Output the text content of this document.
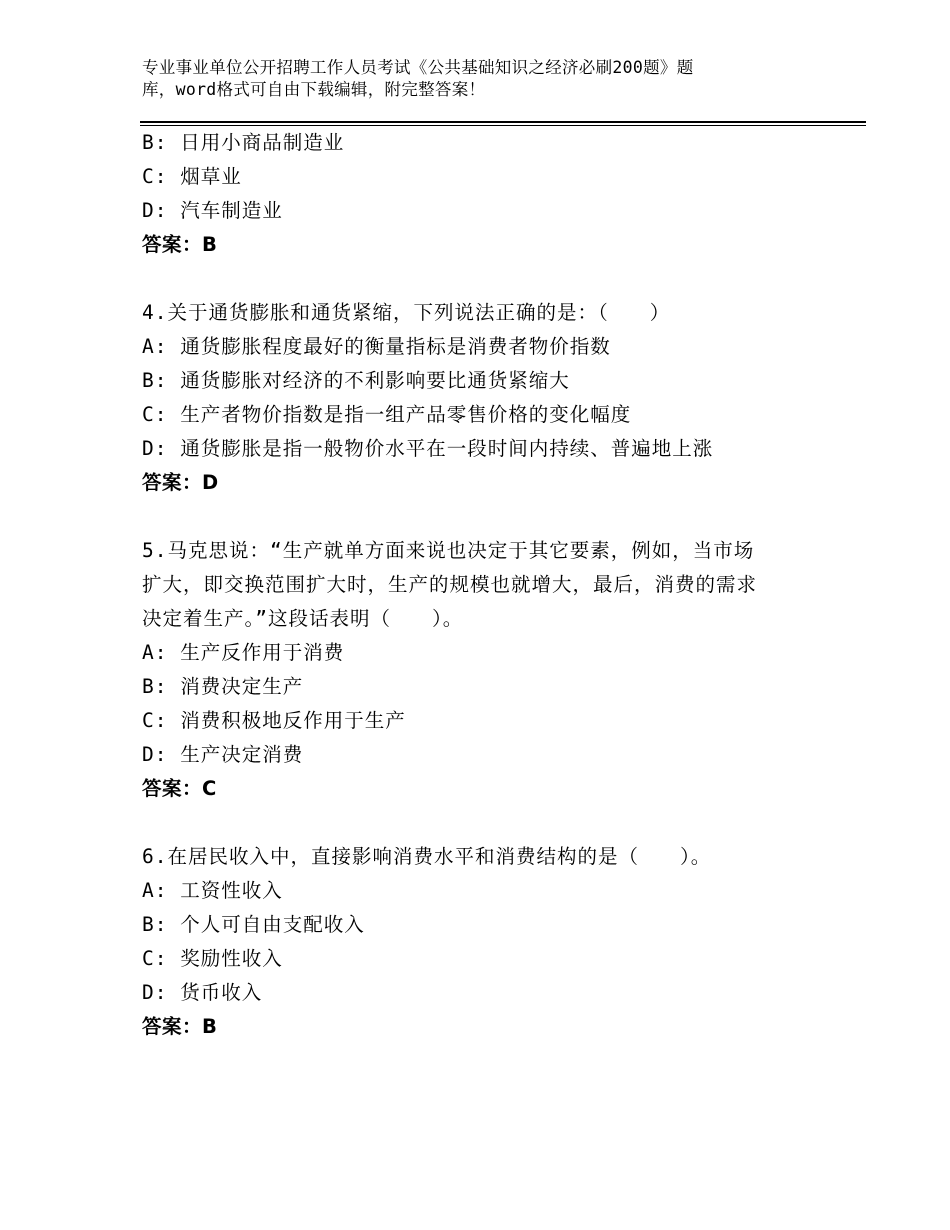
专业事业单位公开招聘工作人员考试《公共基础知识之经济必刷200题》题
库，word格式可自由下载编辑，附完整答案！
B: 日用小商品制造业
C: 烟草业
D: 汽车制造业
答案：B
4.关于通货膨胀和通货紧缩，下列说法正确的是：（　　）
A: 通货膨胀程度最好的衡量指标是消费者物价指数
B: 通货膨胀对经济的不利影响要比通货紧缩大
C: 生产者物价指数是指一组产品零售价格的变化幅度
D: 通货膨胀是指一般物价水平在一段时间内持续、普遍地上涨
答案：D
5.马克思说：“生产就单方面来说也决定于其它要素，例如，当市场
扩大，即交换范围扩大时，生产的规模也就增大，最后，消费的需求
决定着生产。”这段话表明（　　）。
A: 生产反作用于消费
B: 消费决定生产
C: 消费积极地反作用于生产
D: 生产决定消费
答案：C
6.在居民收入中，直接影响消费水平和消费结构的是（　　）。
A: 工资性收入
B: 个人可自由支配收入
C: 奖励性收入
D: 货币收入
答案：B
